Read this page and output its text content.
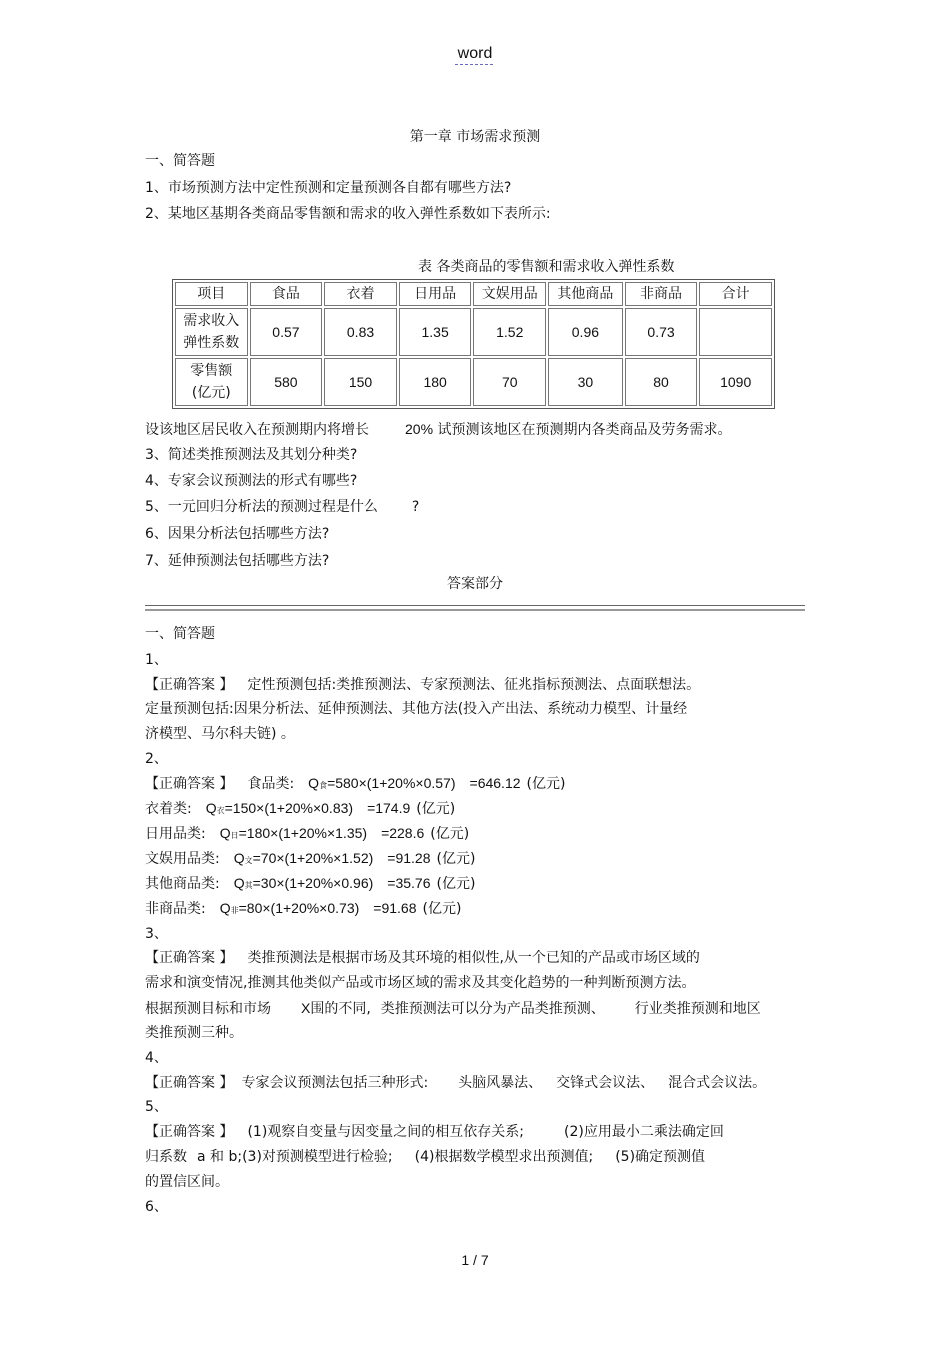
word
第一章 市场需求预测
一、简答题
1、市场预测方法中定性预测和定量预测各自都有哪些方法?
2、某地区基期各类商品零售额和需求的收入弹性系数如下表所示:
表 各类商品的零售额和需求收入弹性系数
项目	食品	衣着	日用品	文娱用品	其他商品	非商品	合计

需求收入
弹性系数	0.57	0.83	1.35	1.52	0.96	0.73	

零售额
(亿元)	580	150	180	70	30	80	1090
设该地区居民收入在预测期内将增长	20% 试预测该地区在预测期内各类商品及劳务需求。
3、简述类推预测法及其划分种类?
4、专家会议预测法的形式有哪些?
5、一元回归分析法的预测过程是什么 ?
6、因果分析法包括哪些方法?
7、延伸预测法包括哪些方法?
答案部分
一、简答题
1、
【正确答案 】 定性预测包括:类推预测法、专家预测法、征兆指标预测法、点面联想法。
定量预测包括:因果分析法、延伸预测法、其他方法(投入产出法、系统动力模型、计量经
济模型、马尔科夫链) 。
2、
【正确答案 】 食品类: Q食=580×(1+20%×0.57) =646.12 (亿元)
衣着类: Q衣=150×(1+20%×0.83) =174.9 (亿元)
日用品类: Q日=180×(1+20%×1.35) =228.6 (亿元)
文娱用品类: Q文=70×(1+20%×1.52) =91.28 (亿元)
其他商品类: Q其=30×(1+20%×0.96) =35.76 (亿元)
非商品类: Q非=80×(1+20%×0.73) =91.68 (亿元)
3、
【正确答案 】 类推预测法是根据市场及其环境的相似性,从一个已知的产品或市场区域的
需求和演变情况,推测其他类似产品或市场区域的需求及其变化趋势的一种判断预测方法。
根据预测目标和市场 X围的不同, 类推预测法可以分为产品类推预测、 行业类推预测和地区
类推预测三种。
4、
【正确答案 】 专家会议预测法包括三种形式: 头脑风暴法、 交锋式会议法、 混合式会议法。
5、
【正确答案 】 (1)观察自变量与因变量之间的相互依存关系;	(2)应用最小二乘法确定回
归系数 a 和 b;(3)对预测模型进行检验; (4)根据数学模型求出预测值; (5)确定预测值
的置信区间。
6、
1 / 7
